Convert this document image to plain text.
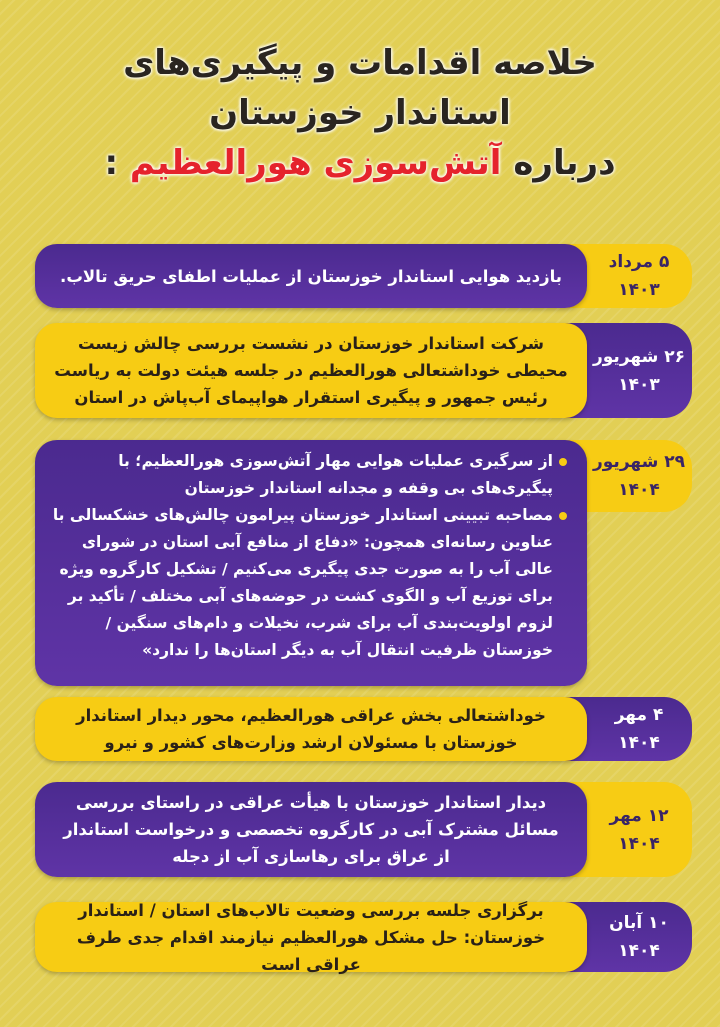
خلاصه اقدامات و پیگیری‌های
استاندار خوزستان
درباره آتش‌سوزی هورالعظیم :
۵ مرداد
۱۴۰۳
بازدید هوایی استاندار خوزستان از عملیات اطفای حریق تالاب.
۲۶ شهریور
۱۴۰۳
شرکت استاندار خوزستان در نشست بررسی چالش زیست محیطی خوداشتعالی هورالعظیم در جلسه هیئت دولت به ریاست رئیس جمهور و پیگیری استقرار هواپیمای آب‌پاش در استان
۲۹ شهریور
۱۴۰۴
از سرگیری عملیات هوایی مهار آتش‌سوزی هورالعظیم؛ با پیگیری‌های بی وقفه و مجدانه استاندار خوزستان
مصاحبه تبیینی استاندار خوزستان پیرامون چالش‌های خشکسالی با عناوین رسانه‌ای همچون: «دفاع از منافع آبی استان در شورای عالی آب را به صورت جدی پیگیری می‌کنیم / تشکیل کارگروه ویژه برای توزیع آب و الگوی کشت در حوضه‌های آبی مختلف / تأکید بر لزوم اولویت‌بندی آب برای شرب، نخیلات و دام‌های سنگین / خوزستان ظرفیت انتقال آب به دیگر استان‌ها را ندارد»
۴ مهر
۱۴۰۴
خوداشتعالی بخش عراقی هورالعظیم، محور دیدار استاندار خوزستان با مسئولان ارشد وزارت‌های کشور و نیرو
۱۲ مهر
۱۴۰۴
دیدار استاندار خوزستان با هیأت عراقی در راستای بررسی مسائل مشترک آبی در کارگروه تخصصی و درخواست استاندار از عراق برای رهاسازی آب از دجله
۱۰ آبان
۱۴۰۴
برگزاری جلسه بررسی وضعیت تالاب‌های استان / استاندار خوزستان: حل مشکل هورالعظیم نیازمند اقدام جدی طرف عراقی است
